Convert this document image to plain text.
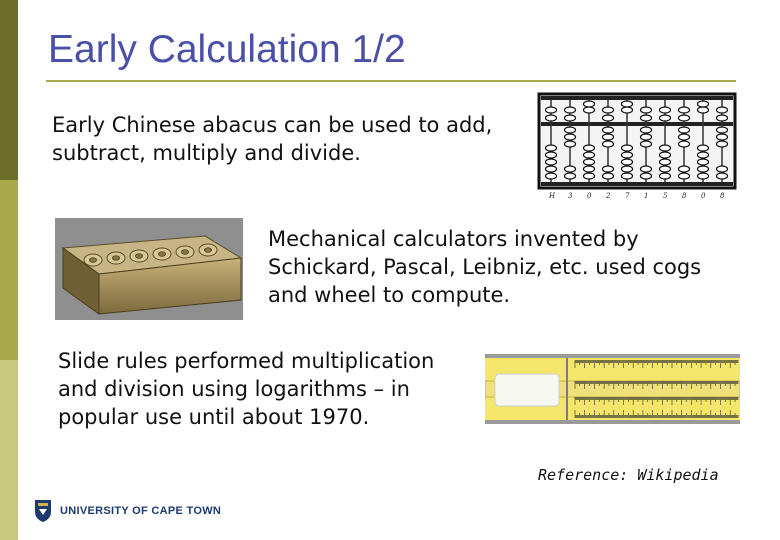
Early Calculation 1/2
Early Chinese abacus can be used to add, subtract, multiply and divide.
Mechanical calculators invented by Schickard, Pascal, Leibniz, etc. used cogs and wheel to compute.
Slide rules performed multiplication and division using logarithms – in popular use until about 1970.
H 3 0 2 7 1 5 8 0 8
Reference: Wikipedia
UNIVERSITY OF CAPE TOWN
